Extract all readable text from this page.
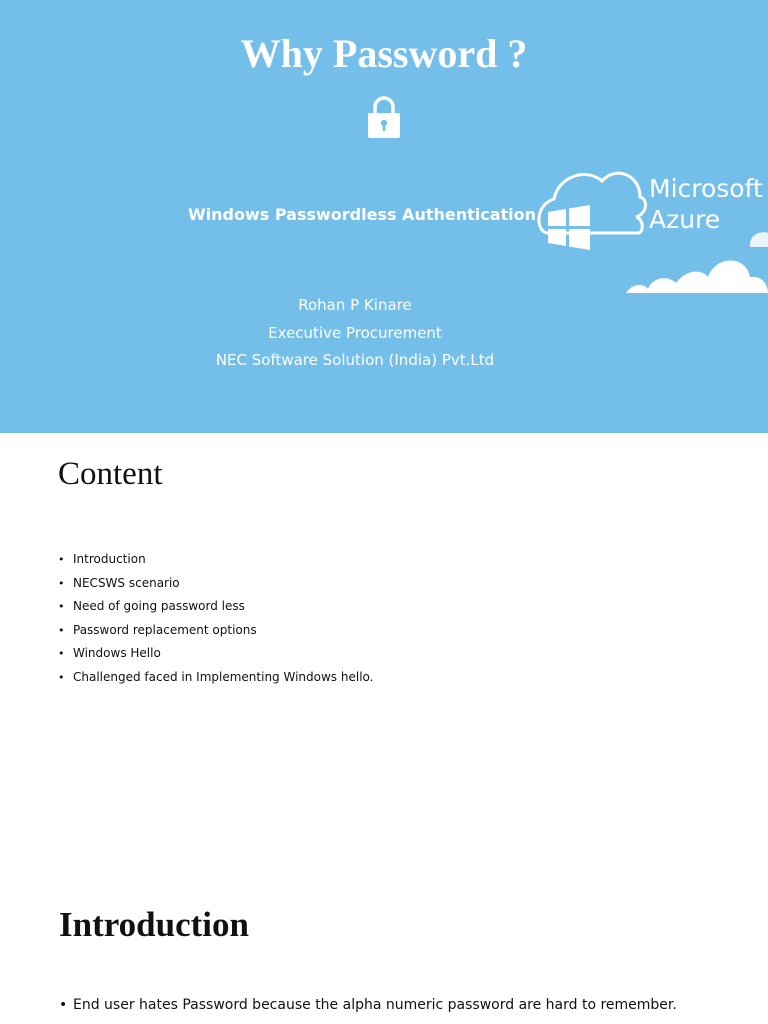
Why Password ?
Windows Passwordless Authentication
Microsoft
Azure
Rohan P Kinare
Executive Procurement
NEC Software Solution (India) Pvt.Ltd
Content
• Introduction
• NECSWS scenario
• Need of going password less
• Password replacement options
• Windows Hello
• Challenged faced in Implementing Windows hello.
Introduction
• End user hates Password because the alpha numeric password are hard to remember.
